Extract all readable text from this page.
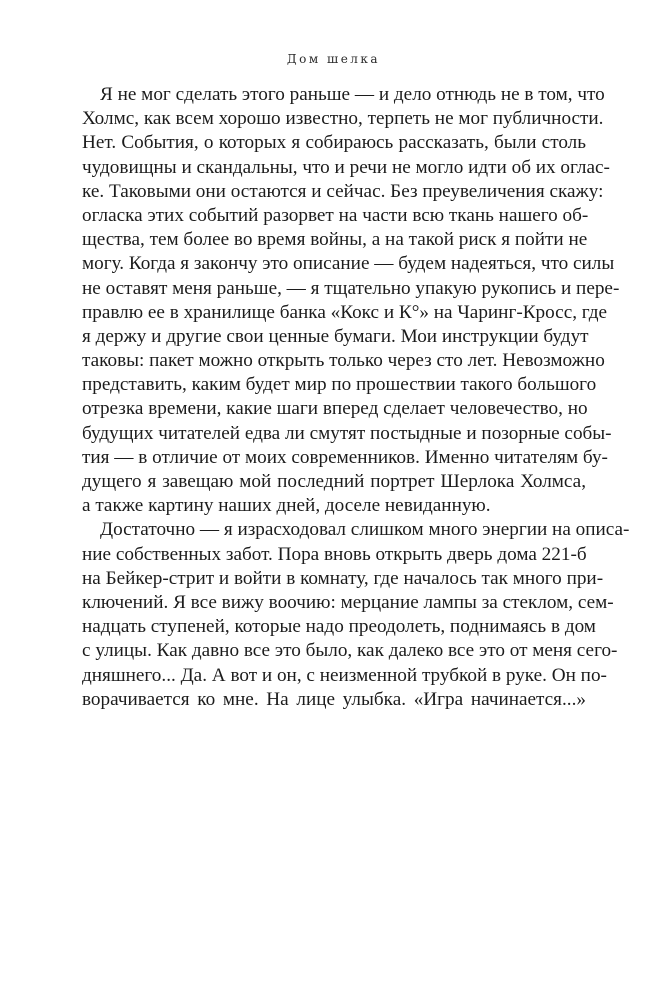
Дом шелка
Я не мог сделать этого раньше — и дело отнюдь не в том, что
Холмс, как всем хорошо известно, терпеть не мог публичности.
Нет. События, о которых я собираюсь рассказать, были столь
чудовищны и скандальны, что и речи не могло идти об их оглас-
ке. Таковыми они остаются и сейчас. Без преувеличения скажу:
огласка этих событий разорвет на части всю ткань нашего об-
щества, тем более во время войны, а на такой риск я пойти не
могу. Когда я закончу это описание — будем надеяться, что силы
не оставят меня раньше, — я тщательно упакую рукопись и пере-
правлю ее в хранилище банка «Кокс и К°» на Чаринг-Кросс, где
я держу и другие свои ценные бумаги. Мои инструкции будут
таковы: пакет можно открыть только через сто лет. Невозможно
представить, каким будет мир по прошествии такого большого
отрезка времени, какие шаги вперед сделает человечество, но
будущих читателей едва ли смутят постыдные и позорные собы-
тия — в отличие от моих современников. Именно читателям бу-
дущего я завещаю мой последний портрет Шерлока Холмса,
а также картину наших дней, доселе невиданную.
Достаточно — я израсходовал слишком много энергии на описа-
ние собственных забот. Пора вновь открыть дверь дома 221-б
на Бейкер-стрит и войти в комнату, где началось так много при-
ключений. Я все вижу воочию: мерцание лампы за стеклом, сем-
надцать ступеней, которые надо преодолеть, поднимаясь в дом
с улицы. Как давно все это было, как далеко все это от меня сего-
дняшнего... Да. А вот и он, с неизменной трубкой в руке. Он по-
ворачивается ко мне. На лице улыбка. «Игра начинается...»
